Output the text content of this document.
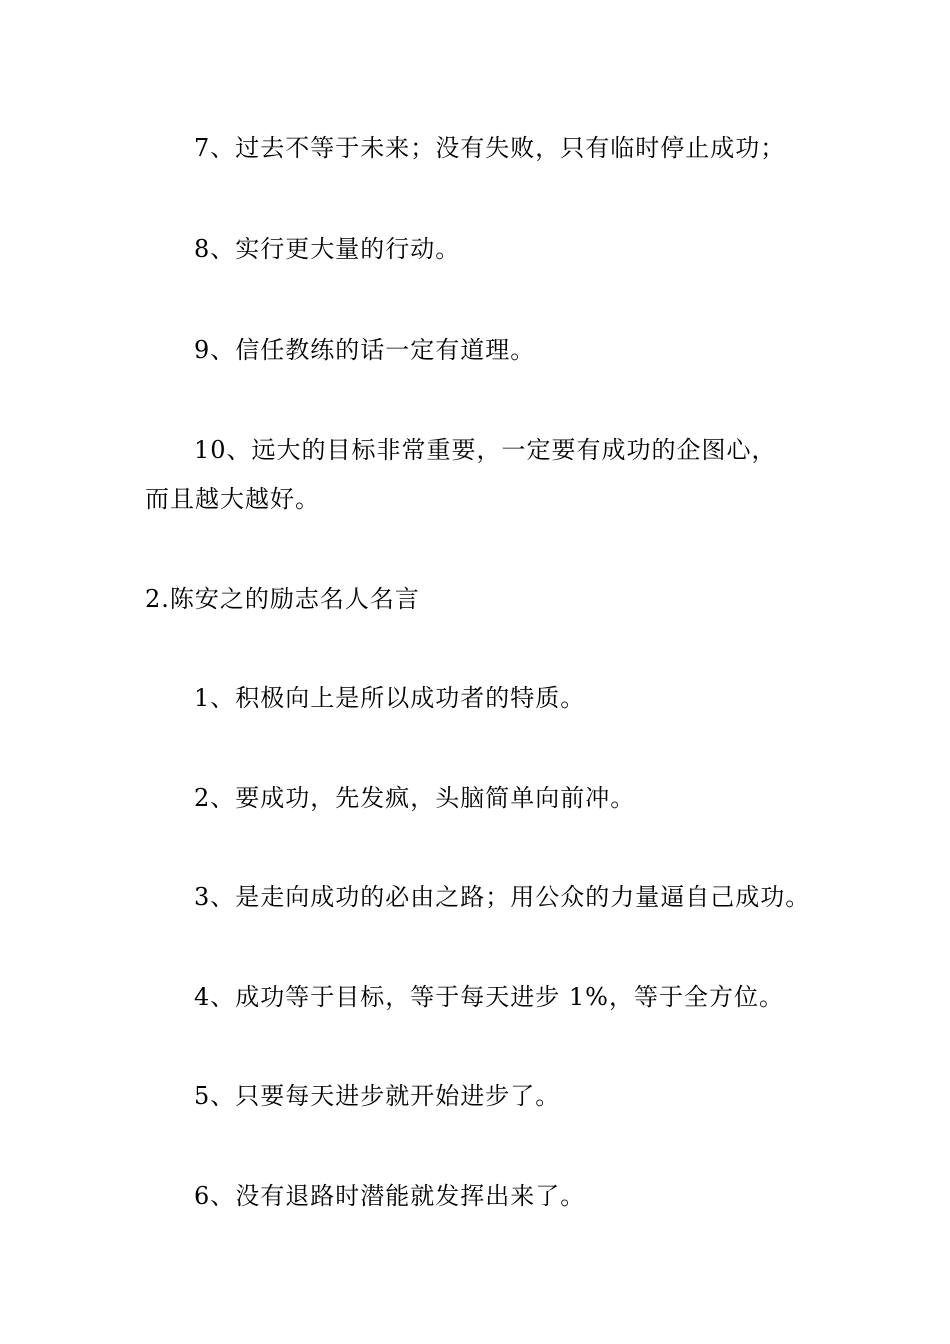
7、过去不等于未来；没有失败，只有临时停止成功；
8、实行更大量的行动。
9、信任教练的话一定有道理。
10、远大的目标非常重要，一定要有成功的企图心，
而且越大越好。
2.陈安之的励志名人名言
1、积极向上是所以成功者的特质。
2、要成功，先发疯，头脑简单向前冲。
3、是走向成功的必由之路；用公众的力量逼自己成功。
4、成功等于目标，等于每天进步 1%，等于全方位。
5、只要每天进步就开始进步了。
6、没有退路时潜能就发挥出来了。
